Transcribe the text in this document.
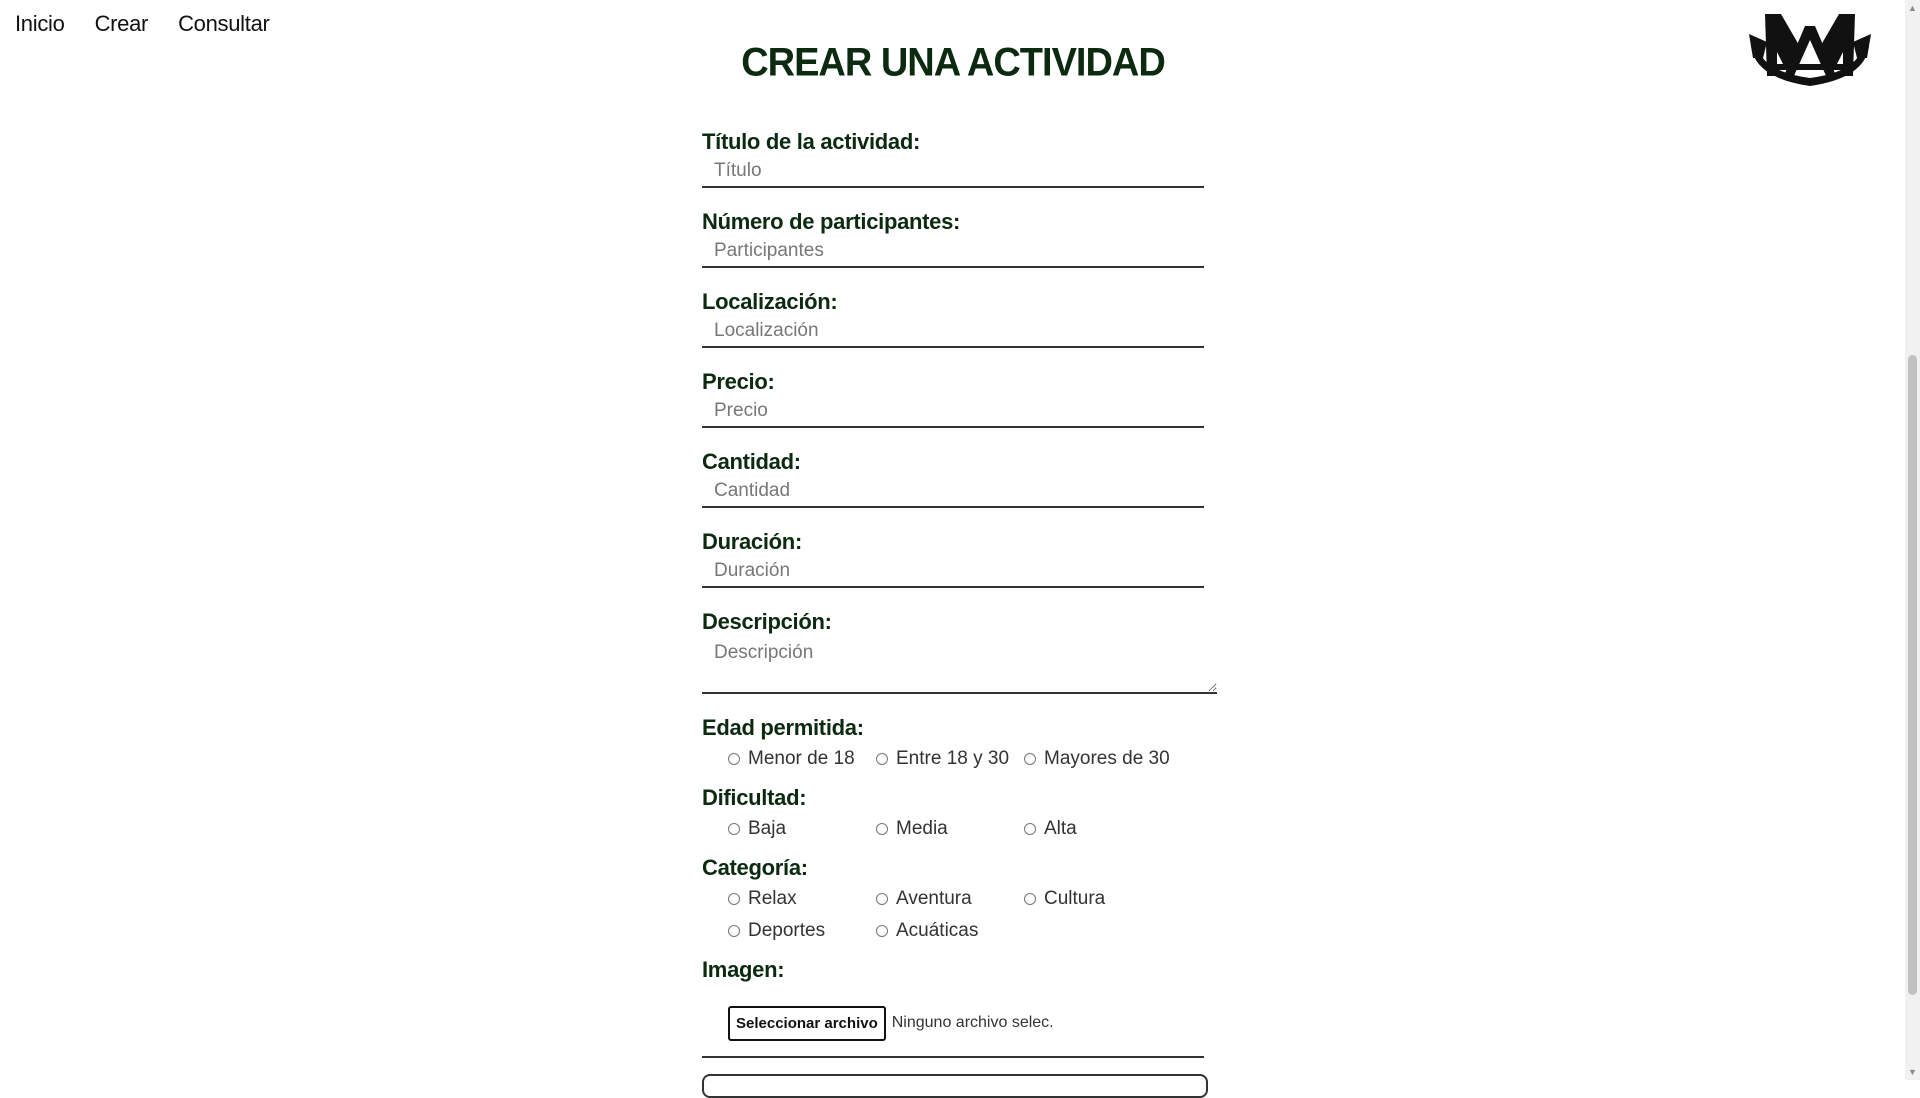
Inicio Crear Consultar
CREAR UNA ACTIVIDAD
Título de la actividad:
Título
Número de participantes:
Participantes
Localización:
Localización
Precio:
Precio
Cantidad:
Cantidad
Duración:
Duración
Descripción:
Descripción
Edad permitida:
Menor de 18 Entre 18 y 30 Mayores de 30
Dificultad:
Baja	Media	Alta
Categoría:
Relax	Aventura	Cultura
Deportes	Acuáticas
Imagen:
Seleccionar archivo Ninguno archivo selec.
▲
▼
